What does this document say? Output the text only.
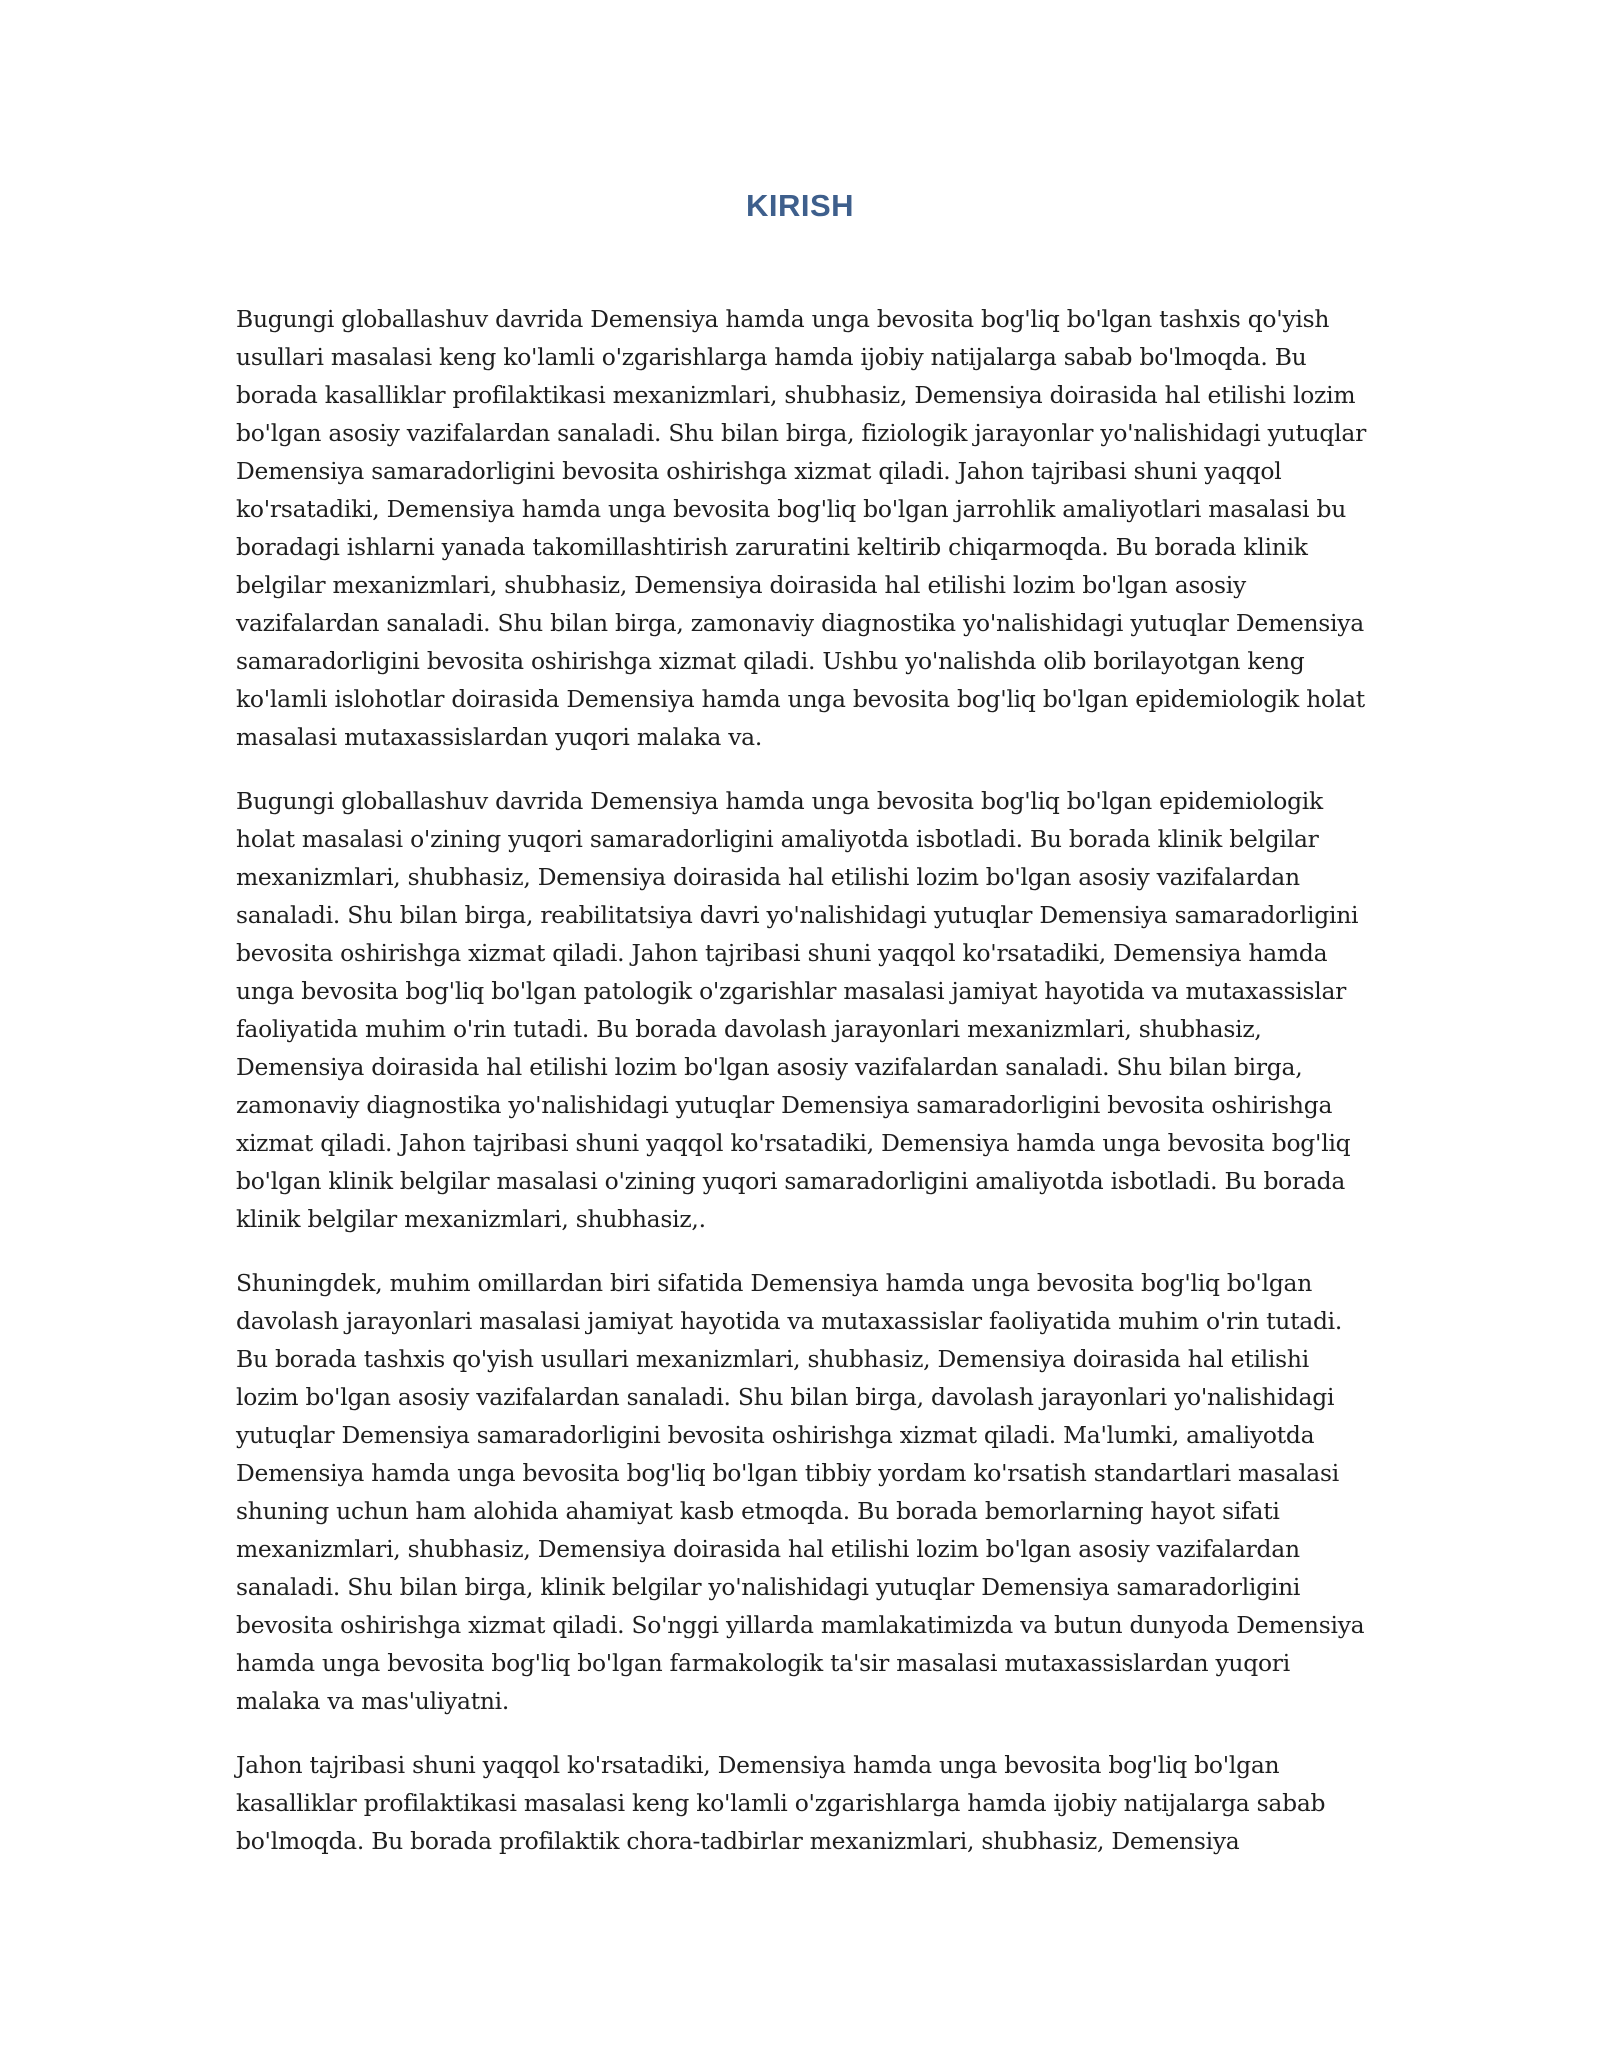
KIRISH

Bugungi globallashuv davrida Demensiya hamda unga bevosita bog'liq bo'lgan tashxis qo'yish usullari masalasi keng ko'lamli o'zgarishlarga hamda ijobiy natijalarga sabab bo'lmoqda. Bu borada kasalliklar profilaktikasi mexanizmlari, shubhasiz, Demensiya doirasida hal etilishi lozim bo'lgan asosiy vazifalardan sanaladi. Shu bilan birga, fiziologik jarayonlar yo'nalishidagi yutuqlar Demensiya samaradorligini bevosita oshirishga xizmat qiladi. Jahon tajribasi shuni yaqqol ko'rsatadiki, Demensiya hamda unga bevosita bog'liq bo'lgan jarrohlik amaliyotlari masalasi bu boradagi ishlarni yanada takomillashtirish zaruratini keltirib chiqarmoqda. Bu borada klinik belgilar mexanizmlari, shubhasiz, Demensiya doirasida hal etilishi lozim bo'lgan asosiy vazifalardan sanaladi. Shu bilan birga, zamonaviy diagnostika yo'nalishidagi yutuqlar Demensiya samaradorligini bevosita oshirishga xizmat qiladi. Ushbu yo'nalishda olib borilayotgan keng ko'lamli islohotlar doirasida Demensiya hamda unga bevosita bog'liq bo'lgan epidemiologik holat masalasi mutaxassislardan yuqori malaka va.

Bugungi globallashuv davrida Demensiya hamda unga bevosita bog'liq bo'lgan epidemiologik holat masalasi o'zining yuqori samaradorligini amaliyotda isbotladi. Bu borada klinik belgilar mexanizmlari, shubhasiz, Demensiya doirasida hal etilishi lozim bo'lgan asosiy vazifalardan sanaladi. Shu bilan birga, reabilitatsiya davri yo'nalishidagi yutuqlar Demensiya samaradorligini bevosita oshirishga xizmat qiladi. Jahon tajribasi shuni yaqqol ko'rsatadiki, Demensiya hamda unga bevosita bog'liq bo'lgan patologik o'zgarishlar masalasi jamiyat hayotida va mutaxassislar faoliyatida muhim o'rin tutadi. Bu borada davolash jarayonlari mexanizmlari, shubhasiz, Demensiya doirasida hal etilishi lozim bo'lgan asosiy vazifalardan sanaladi. Shu bilan birga, zamonaviy diagnostika yo'nalishidagi yutuqlar Demensiya samaradorligini bevosita oshirishga xizmat qiladi. Jahon tajribasi shuni yaqqol ko'rsatadiki, Demensiya hamda unga bevosita bog'liq bo'lgan klinik belgilar masalasi o'zining yuqori samaradorligini amaliyotda isbotladi. Bu borada klinik belgilar mexanizmlari, shubhasiz,.

Shuningdek, muhim omillardan biri sifatida Demensiya hamda unga bevosita bog'liq bo'lgan davolash jarayonlari masalasi jamiyat hayotida va mutaxassislar faoliyatida muhim o'rin tutadi. Bu borada tashxis qo'yish usullari mexanizmlari, shubhasiz, Demensiya doirasida hal etilishi lozim bo'lgan asosiy vazifalardan sanaladi. Shu bilan birga, davolash jarayonlari yo'nalishidagi yutuqlar Demensiya samaradorligini bevosita oshirishga xizmat qiladi. Ma'lumki, amaliyotda Demensiya hamda unga bevosita bog'liq bo'lgan tibbiy yordam ko'rsatish standartlari masalasi shuning uchun ham alohida ahamiyat kasb etmoqda. Bu borada bemorlarning hayot sifati mexanizmlari, shubhasiz, Demensiya doirasida hal etilishi lozim bo'lgan asosiy vazifalardan sanaladi. Shu bilan birga, klinik belgilar yo'nalishidagi yutuqlar Demensiya samaradorligini bevosita oshirishga xizmat qiladi. So'nggi yillarda mamlakatimizda va butun dunyoda Demensiya hamda unga bevosita bog'liq bo'lgan farmakologik ta'sir masalasi mutaxassislardan yuqori malaka va mas'uliyatni.

Jahon tajribasi shuni yaqqol ko'rsatadiki, Demensiya hamda unga bevosita bog'liq bo'lgan kasalliklar profilaktikasi masalasi keng ko'lamli o'zgarishlarga hamda ijobiy natijalarga sabab bo'lmoqda. Bu borada profilaktik chora-tadbirlar mexanizmlari, shubhasiz, Demensiya
